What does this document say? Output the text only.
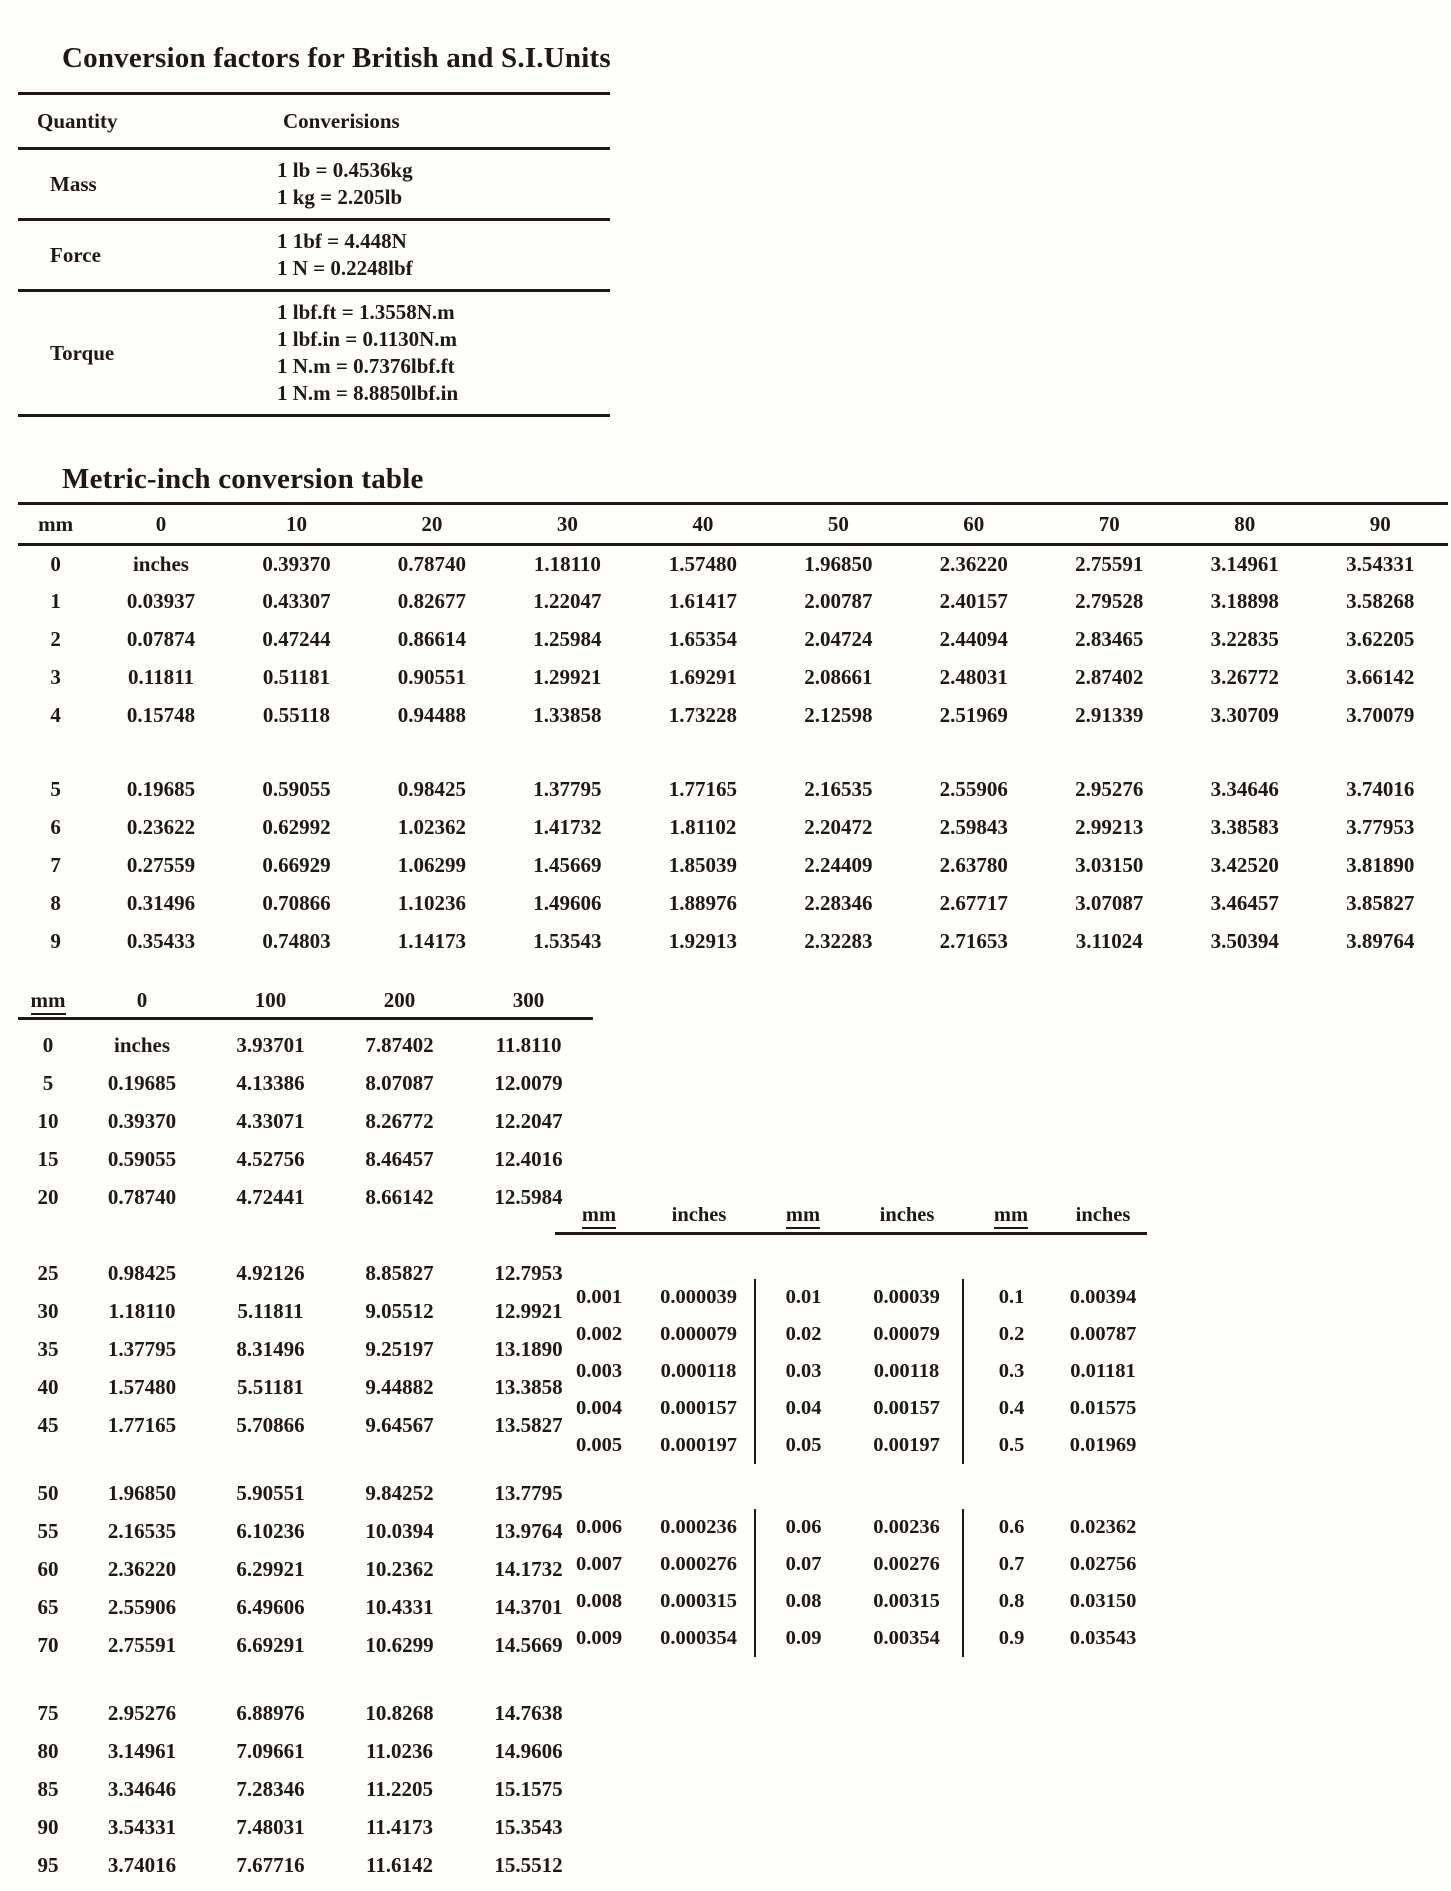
Conversion factors for British and S.I.Units
Quantity	Converisions
Mass	1 lb = 0.4536kg
1 kg = 2.205lb

Force	1 1bf = 4.448N
1 N = 0.2248lbf

Torque	1 lbf.ft = 1.3558N.m
1 lbf.in = 0.1130N.m
1 N.m = 0.7376lbf.ft
1 N.m = 8.8850lbf.in
Metric-inch conversion table
mm	0	10	20	30	40	50	60	70	80	90
0	inches	0.39370	0.78740	1.18110	1.57480	1.96850	2.36220	2.75591	3.14961	3.54331
1	0.03937	0.43307	0.82677	1.22047	1.61417	2.00787	2.40157	2.79528	3.18898	3.58268
2	0.07874	0.47244	0.86614	1.25984	1.65354	2.04724	2.44094	2.83465	3.22835	3.62205
3	0.11811	0.51181	0.90551	1.29921	1.69291	2.08661	2.48031	2.87402	3.26772	3.66142
4	0.15748	0.55118	0.94488	1.33858	1.73228	2.12598	2.51969	2.91339	3.30709	3.70079

5	0.19685	0.59055	0.98425	1.37795	1.77165	2.16535	2.55906	2.95276	3.34646	3.74016
6	0.23622	0.62992	1.02362	1.41732	1.81102	2.20472	2.59843	2.99213	3.38583	3.77953
7	0.27559	0.66929	1.06299	1.45669	1.85039	2.24409	2.63780	3.03150	3.42520	3.81890
8	0.31496	0.70866	1.10236	1.49606	1.88976	2.28346	2.67717	3.07087	3.46457	3.85827
9	0.35433	0.74803	1.14173	1.53543	1.92913	2.32283	2.71653	3.11024	3.50394	3.89764
mm	0	100	200	300

0	inches	3.93701	7.87402	11.8110
5	0.19685	4.13386	8.07087	12.0079
10	0.39370	4.33071	8.26772	12.2047
15	0.59055	4.52756	8.46457	12.4016
20	0.78740	4.72441	8.66142	12.5984

25	0.98425	4.92126	8.85827	12.7953
30	1.18110	5.11811	9.05512	12.9921
35	1.37795	8.31496	9.25197	13.1890
40	1.57480	5.51181	9.44882	13.3858
45	1.77165	5.70866	9.64567	13.5827

50	1.96850	5.90551	9.84252	13.7795
55	2.16535	6.10236	10.0394	13.9764
60	2.36220	6.29921	10.2362	14.1732
65	2.55906	6.49606	10.4331	14.3701
70	2.75591	6.69291	10.6299	14.5669

75	2.95276	6.88976	10.8268	14.7638
80	3.14961	7.09661	11.0236	14.9606
85	3.34646	7.28346	11.2205	15.1575
90	3.54331	7.48031	11.4173	15.3543
95	3.74016	7.67716	11.6142	15.5512
mm	inches	mm	inches	mm	inches

0.001	0.000039	0.01	0.00039	0.1	0.00394
0.002	0.000079	0.02	0.00079	0.2	0.00787
0.003	0.000118	0.03	0.00118	0.3	0.01181
0.004	0.000157	0.04	0.00157	0.4	0.01575
0.005	0.000197	0.05	0.00197	0.5	0.01969

0.006	0.000236	0.06	0.00236	0.6	0.02362
0.007	0.000276	0.07	0.00276	0.7	0.02756
0.008	0.000315	0.08	0.00315	0.8	0.03150
0.009	0.000354	0.09	0.00354	0.9	0.03543
